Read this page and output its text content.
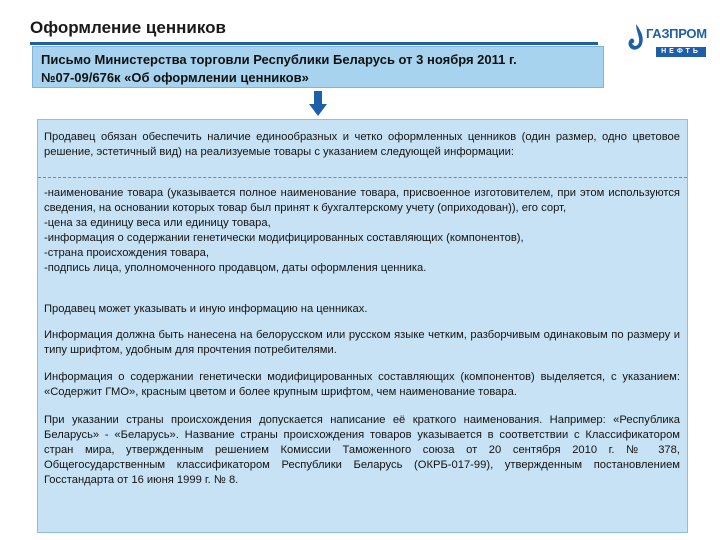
Оформление ценников	ГАЗПРОМ
НЕФТЬ
Письмо Министерства торговли Республики Беларусь от 3 ноября 2011 г.
№07-09/676к «Об оформлении ценников»

Продавец обязан обеспечить наличие единообразных и четко оформленных ценников (один размер, одно цветовое решение, эстетичный вид) на реализуемые товары с указанием следующей информации:

-наименование товара (указывается полное наименование товара, присвоенное изготовителем, при этом используются сведения, на основании которых товар был принят к бухгалтерскому учету (оприходован)), его сорт,
-цена за единицу веса или единицу товара,
-информация о содержании генетически модифицированных составляющих (компонентов),
-страна происхождения товара,
-подпись лица, уполномоченного продавцом, даты оформления ценника.

Продавец может указывать и иную информацию на ценниках.

Информация должна быть нанесена на белорусском или русском языке четким, разборчивым одинаковым по размеру и типу шрифтом, удобным для прочтения потребителями.

Информация о содержании генетически модифицированных составляющих (компонентов) выделяется, с указанием: «Содержит ГМО», красным цветом и более крупным шрифтом, чем наименование товара.

При указании страны происхождения допускается написание её краткого наименования. Например: «Республика Беларусь» - «Беларусь». Название страны происхождения товаров указывается в соответствии с Классификатором стран мира, утвержденным решением Комиссии Таможенного союза от 20 сентября 2010 г. № 378, Общегосударственным классификатором Республики Беларусь (ОКРБ-017-99), утвержденным постановлением Госстандарта от 16 июня 1999 г. № 8.
